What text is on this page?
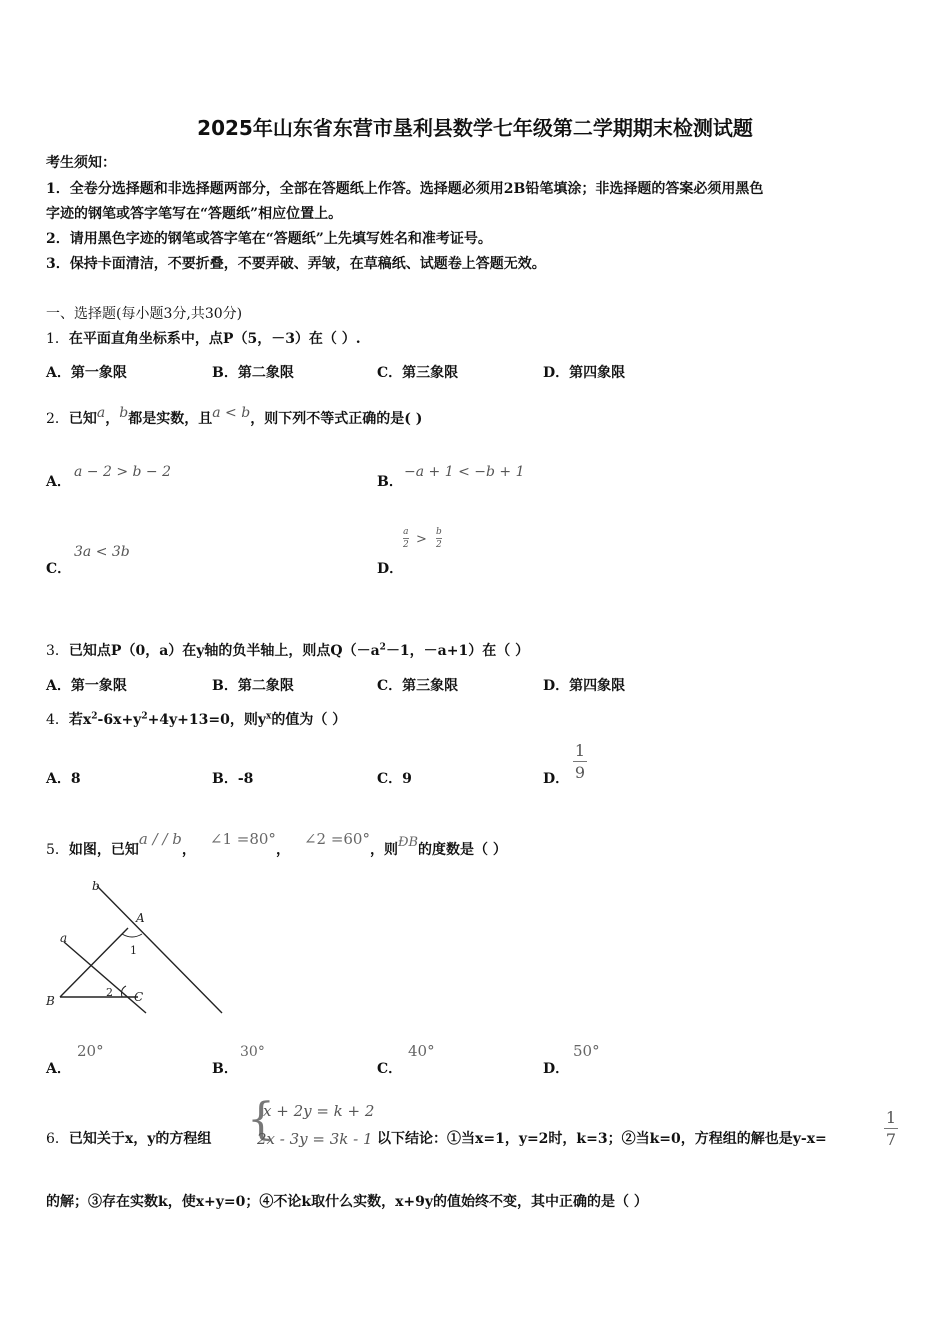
2025年山东省东营市垦利县数学七年级第二学期期末检测试题
考生须知：
1．全卷分选择题和非选择题两部分，全部在答题纸上作答。选择题必须用2B铅笔填涂；非选择题的答案必须用黑色
字迹的钢笔或答字笔写在“答题纸”相应位置上。
2．请用黑色字迹的钢笔或答字笔在“答题纸”上先填写姓名和准考证号。
3．保持卡面清洁，不要折叠，不要弄破、弄皱，在草稿纸、试题卷上答题无效。
一、选择题(每小题3分,共30分)
1．在平面直角坐标系中，点P（5，－3）在（ ）.
A．第一象限	B．第二象限	C．第三象限	D．第四象限
2．已知a，b都是实数，且a < b，则下列不等式正确的是( )
A．
a − 2 > b − 2
B．
−a + 1 < −b + 1
C．
3a < 3b
D．
a
2 > b
2
3．已知点P（0，a）在y轴的负半轴上，则点$Q(-a^2-1$，－a+1）在（ ）
A．第一象限	B．第二象限	C．第三象限	D．第四象限
4．若$x^2-6x+y^2+4y+13=0$，则$y^x$的值为（ ）
A．8	B．-8	C．9	D．
1
9
5．如图，已知a / / b，∠1 =80°，∠2 =60°，则ÐB的度数是（ ）
b
a
A
1
B
2 C
A．
20°
B．
30°
C．
40°
D．
50°
6．已知关于x，y的方程组 {
x + 2y = k + 2
2x - 3y = 3k - 1 以下结论：①当x=1，y=2时，k=3；②当k=0，方程组的解也是y-x=
1
7
的解；③存在实数k，使x+y=0；④不论k取什么实数，x+9y的值始终不变，其中正确的是（ ）
